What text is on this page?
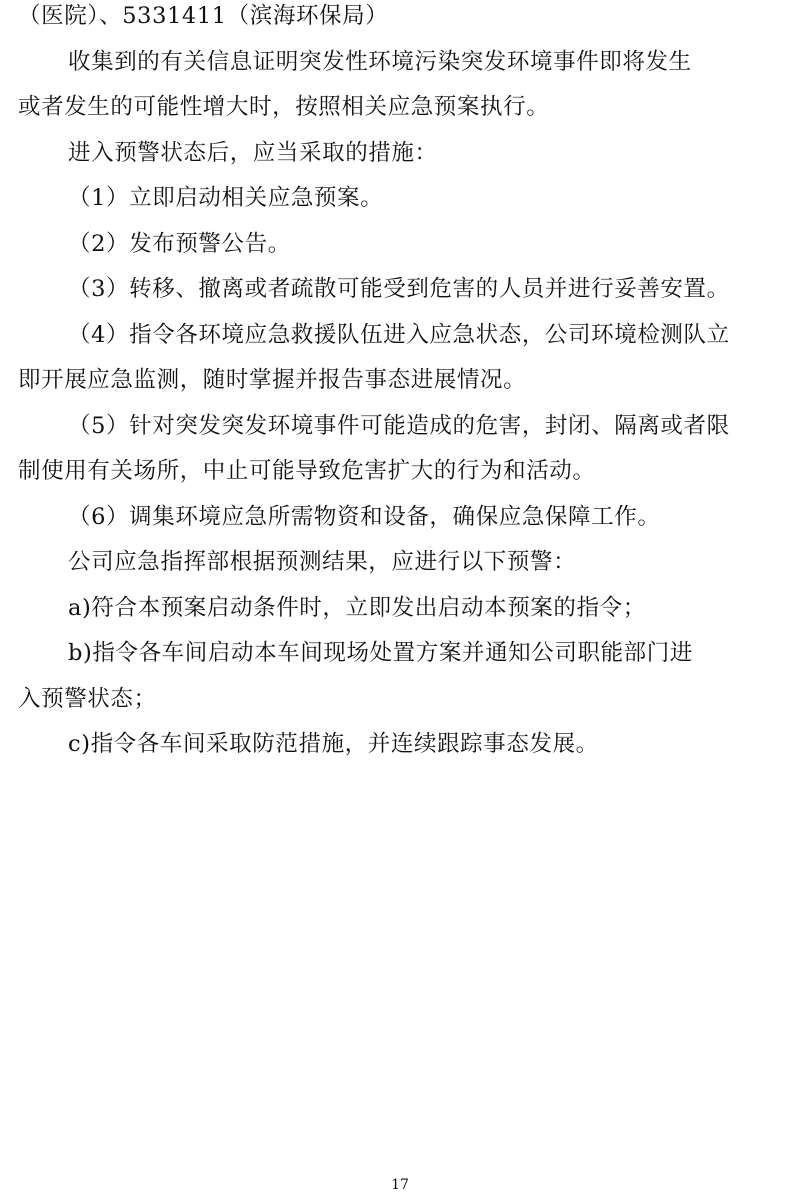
（医院）、5331411（滨海环保局）

收集到的有关信息证明突发性环境污染突发环境事件即将发生

或者发生的可能性增大时，按照相关应急预案执行。

进入预警状态后，应当采取的措施：

（1）立即启动相关应急预案。

（2）发布预警公告。

（3）转移、撤离或者疏散可能受到危害的人员并进行妥善安置。

（4）指令各环境应急救援队伍进入应急状态，公司环境检测队立

即开展应急监测，随时掌握并报告事态进展情况。

（5）针对突发突发环境事件可能造成的危害，封闭、隔离或者限

制使用有关场所，中止可能导致危害扩大的行为和活动。

（6）调集环境应急所需物资和设备，确保应急保障工作。

公司应急指挥部根据预测结果，应进行以下预警：

a)符合本预案启动条件时，立即发出启动本预案的指令；

b)指令各车间启动本车间现场处置方案并通知公司职能部门进

入预警状态；

c)指令各车间采取防范措施，并连续跟踪事态发展。

17
